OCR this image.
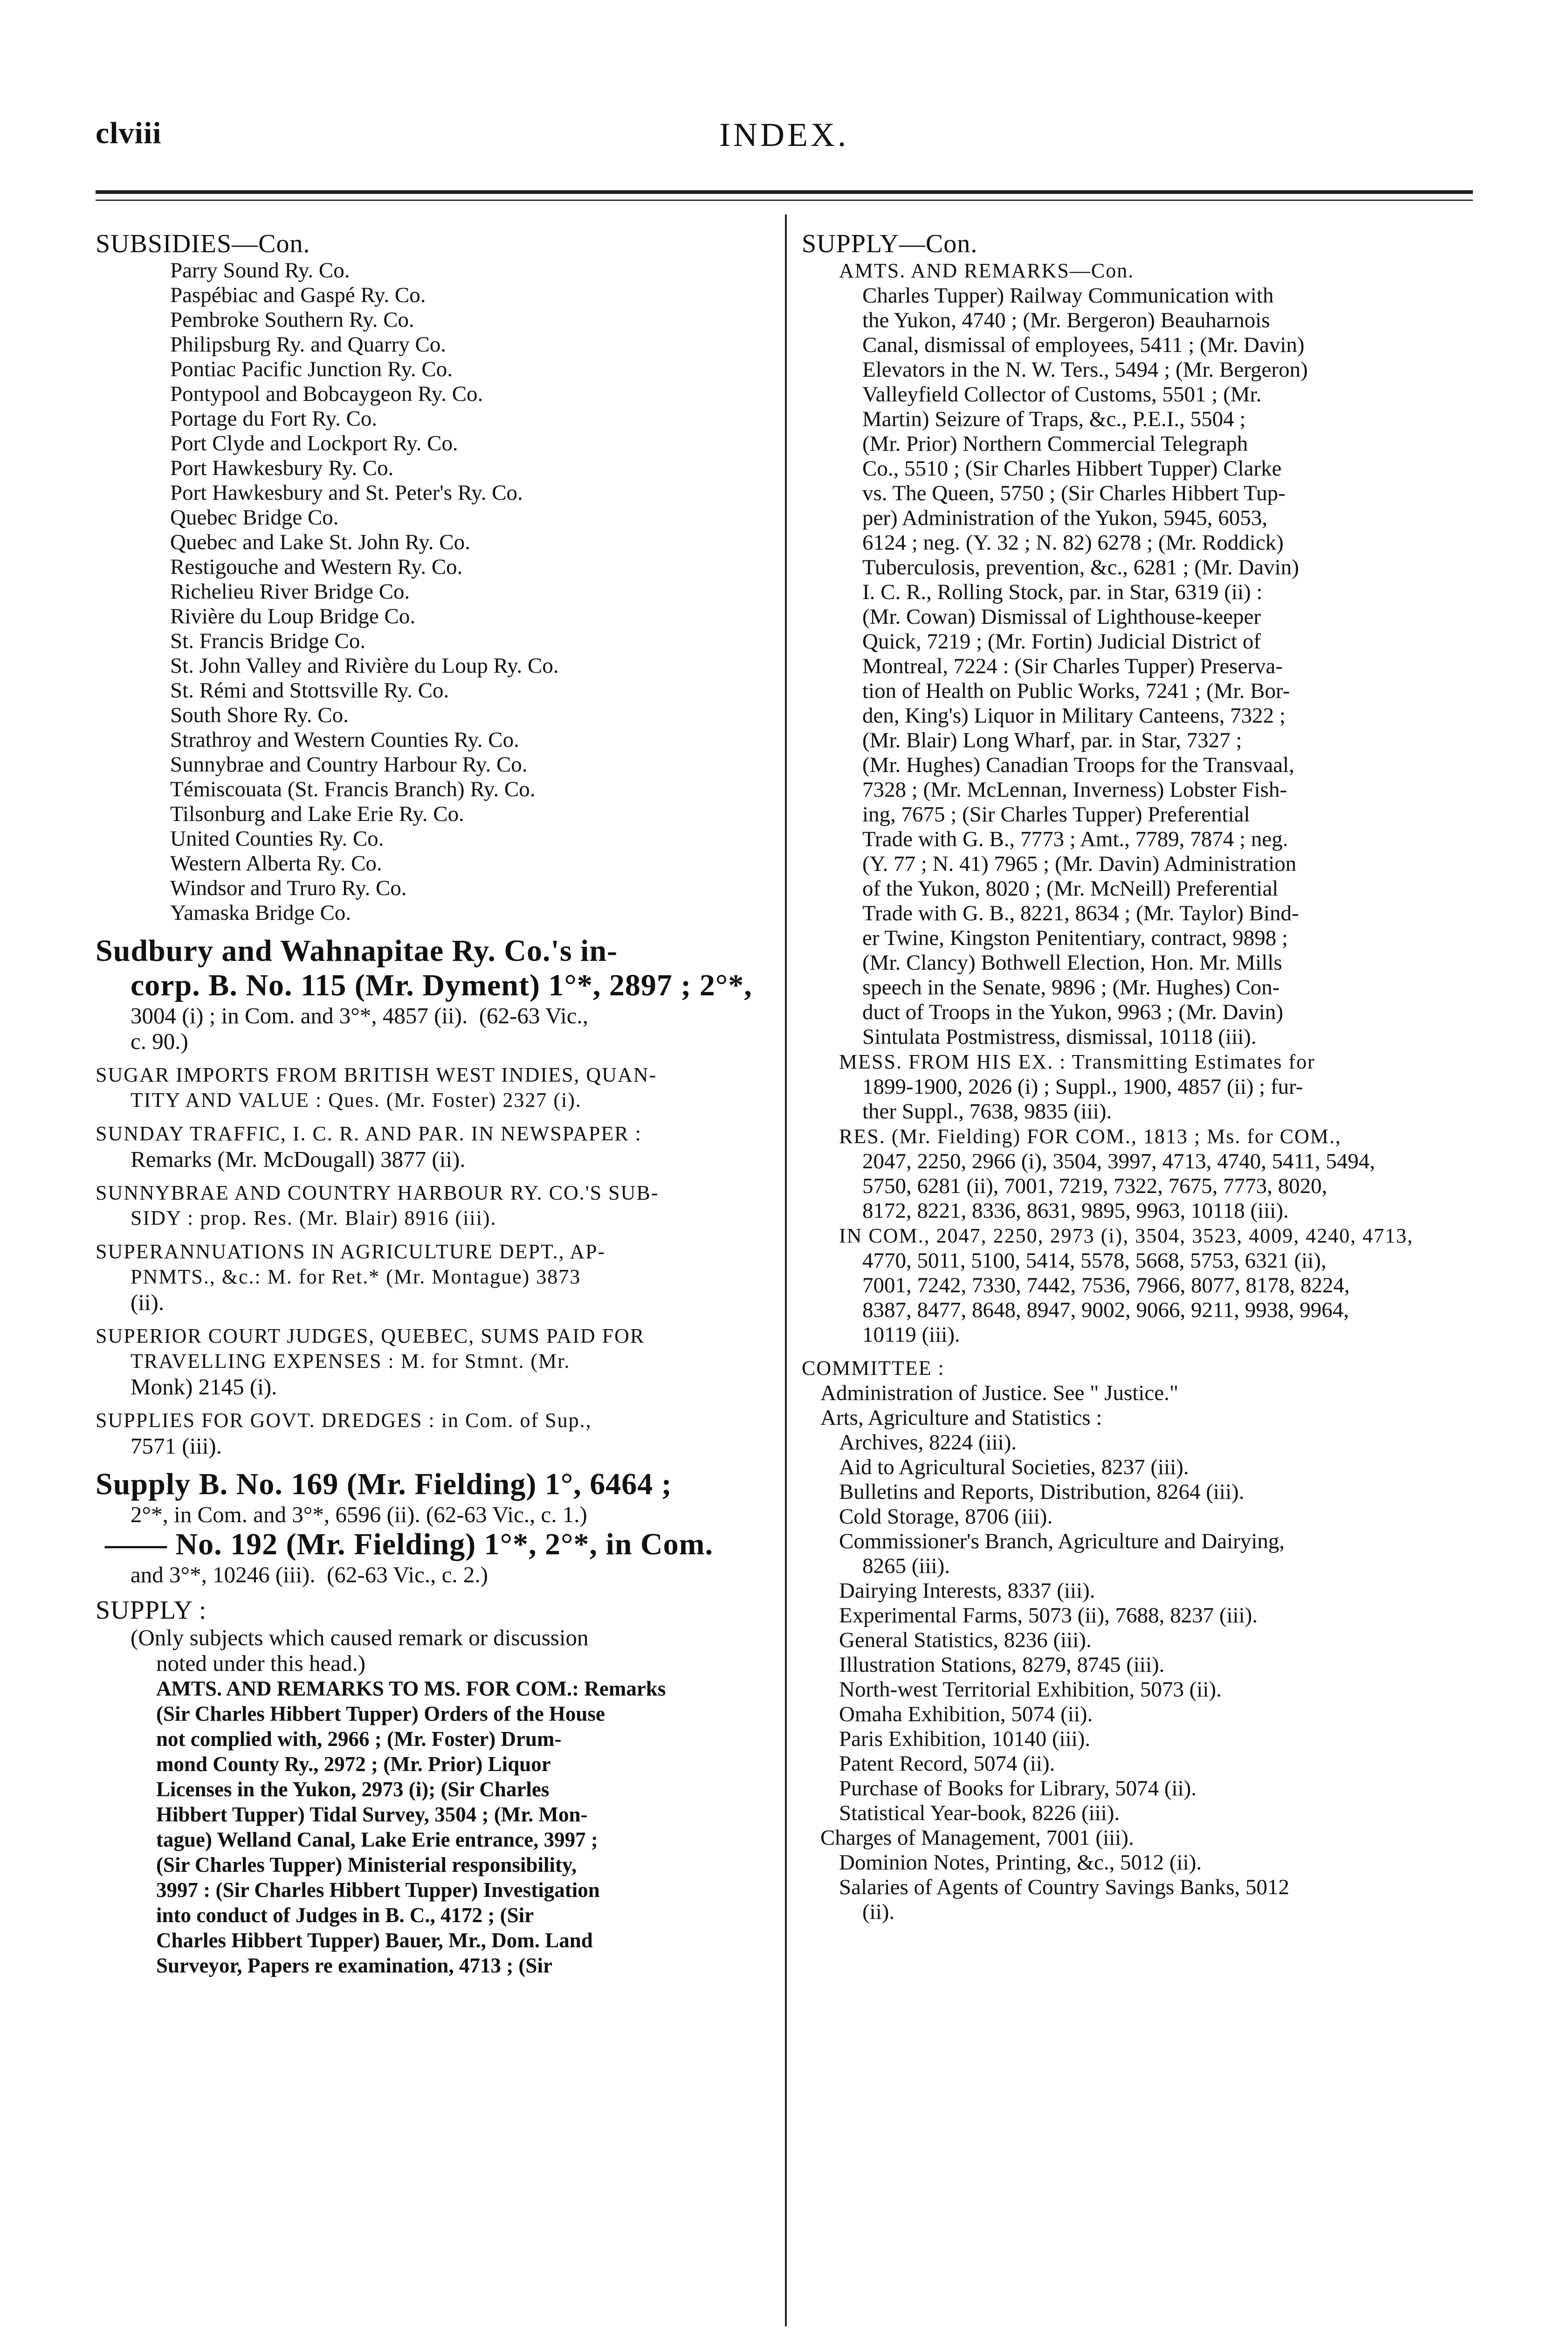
clviii	INDEX.
SUBSIDIES—Con.
Parry Sound Ry. Co.
Paspébiac and Gaspé Ry. Co.
Pembroke Southern Ry. Co.
Philipsburg Ry. and Quarry Co.
Pontiac Pacific Junction Ry. Co.
Pontypool and Bobcaygeon Ry. Co.
Portage du Fort Ry. Co.
Port Clyde and Lockport Ry. Co.
Port Hawkesbury Ry. Co.
Port Hawkesbury and St. Peter's Ry. Co.
Quebec Bridge Co.
Quebec and Lake St. John Ry. Co.
Restigouche and Western Ry. Co.
Richelieu River Bridge Co.
Rivière du Loup Bridge Co.
St. Francis Bridge Co.
St. John Valley and Rivière du Loup Ry. Co.
St. Rémi and Stottsville Ry. Co.
South Shore Ry. Co.
Strathroy and Western Counties Ry. Co.
Sunnybrae and Country Harbour Ry. Co.
Témiscouata (St. Francis Branch) Ry. Co.
Tilsonburg and Lake Erie Ry. Co.
United Counties Ry. Co.
Western Alberta Ry. Co.
Windsor and Truro Ry. Co.
Yamaska Bridge Co.
Sudbury and Wahnapitae Ry. Co.'s in-
corp. B. No. 115 (Mr. Dyment) 1°*, 2897 ; 2°*,
3004 (i) ; in Com. and 3°*, 4857 (ii).  (62-63 Vic.,
c. 90.)
SUGAR IMPORTS FROM BRITISH WEST INDIES, QUAN-
TITY AND VALUE : Ques. (Mr. Foster) 2327 (i).
SUNDAY TRAFFIC, I. C. R. AND PAR. IN NEWSPAPER :
Remarks (Mr. McDougall) 3877 (ii).
SUNNYBRAE AND COUNTRY HARBOUR RY. CO.'S SUB-
SIDY : prop. Res. (Mr. Blair) 8916 (iii).
SUPERANNUATIONS IN AGRICULTURE DEPT., AP-
PNMTS., &c.: M. for Ret.* (Mr. Montague) 3873
(ii).
SUPERIOR COURT JUDGES, QUEBEC, SUMS PAID FOR
TRAVELLING EXPENSES : M. for Stmnt. (Mr.
Monk) 2145 (i).
SUPPLIES FOR GOVT. DREDGES : in Com. of Sup.,
7571 (iii).
Supply B. No. 169 (Mr. Fielding) 1°, 6464 ;
2°*, in Com. and 3°*, 6596 (ii). (62-63 Vic., c. 1.)
—— No. 192 (Mr. Fielding) 1°*, 2°*, in Com.
and 3°*, 10246 (iii).  (62-63 Vic., c. 2.)
SUPPLY :
(Only subjects which caused remark or discussion
noted under this head.)
AMTS. AND REMARKS TO MS. FOR COM.: Remarks
(Sir Charles Hibbert Tupper) Orders of the House
not complied with, 2966 ; (Mr. Foster) Drum-
mond County Ry., 2972 ; (Mr. Prior) Liquor
Licenses in the Yukon, 2973 (i); (Sir Charles
Hibbert Tupper) Tidal Survey, 3504 ; (Mr. Mon-
tague) Welland Canal, Lake Erie entrance, 3997 ;
(Sir Charles Tupper) Ministerial responsibility,
3997 : (Sir Charles Hibbert Tupper) Investigation
into conduct of Judges in B. C., 4172 ; (Sir
Charles Hibbert Tupper) Bauer, Mr., Dom. Land
Surveyor, Papers re examination, 4713 ; (Sir
SUPPLY—Con.
AMTS. AND REMARKS—Con.
Charles Tupper) Railway Communication with
the Yukon, 4740 ; (Mr. Bergeron) Beauharnois
Canal, dismissal of employees, 5411 ; (Mr. Davin)
Elevators in the N. W. Ters., 5494 ; (Mr. Bergeron)
Valleyfield Collector of Customs, 5501 ; (Mr.
Martin) Seizure of Traps, &c., P.E.I., 5504 ;
(Mr. Prior) Northern Commercial Telegraph
Co., 5510 ; (Sir Charles Hibbert Tupper) Clarke
vs. The Queen, 5750 ; (Sir Charles Hibbert Tup-
per) Administration of the Yukon, 5945, 6053,
6124 ; neg. (Y. 32 ; N. 82) 6278 ; (Mr. Roddick)
Tuberculosis, prevention, &c., 6281 ; (Mr. Davin)
I. C. R., Rolling Stock, par. in Star, 6319 (ii) :
(Mr. Cowan) Dismissal of Lighthouse-keeper
Quick, 7219 ; (Mr. Fortin) Judicial District of
Montreal, 7224 : (Sir Charles Tupper) Preserva-
tion of Health on Public Works, 7241 ; (Mr. Bor-
den, King's) Liquor in Military Canteens, 7322 ;
(Mr. Blair) Long Wharf, par. in Star, 7327 ;
(Mr. Hughes) Canadian Troops for the Transvaal,
7328 ; (Mr. McLennan, Inverness) Lobster Fish-
ing, 7675 ; (Sir Charles Tupper) Preferential
Trade with G. B., 7773 ; Amt., 7789, 7874 ; neg.
(Y. 77 ; N. 41) 7965 ; (Mr. Davin) Administration
of the Yukon, 8020 ; (Mr. McNeill) Preferential
Trade with G. B., 8221, 8634 ; (Mr. Taylor) Bind-
er Twine, Kingston Penitentiary, contract, 9898 ;
(Mr. Clancy) Bothwell Election, Hon. Mr. Mills
speech in the Senate, 9896 ; (Mr. Hughes) Con-
duct of Troops in the Yukon, 9963 ; (Mr. Davin)
Sintulata Postmistress, dismissal, 10118 (iii).
MESS. FROM HIS EX. : Transmitting Estimates for
1899-1900, 2026 (i) ; Suppl., 1900, 4857 (ii) ; fur-
ther Suppl., 7638, 9835 (iii).
RES. (Mr. Fielding) FOR COM., 1813 ; Ms. for COM.,
2047, 2250, 2966 (i), 3504, 3997, 4713, 4740, 5411, 5494,
5750, 6281 (ii), 7001, 7219, 7322, 7675, 7773, 8020,
8172, 8221, 8336, 8631, 9895, 9963, 10118 (iii).
IN COM., 2047, 2250, 2973 (i), 3504, 3523, 4009, 4240, 4713,
4770, 5011, 5100, 5414, 5578, 5668, 5753, 6321 (ii),
7001, 7242, 7330, 7442, 7536, 7966, 8077, 8178, 8224,
8387, 8477, 8648, 8947, 9002, 9066, 9211, 9938, 9964,
10119 (iii).
COMMITTEE :
Administration of Justice. See " Justice."
Arts, Agriculture and Statistics :
Archives, 8224 (iii).
Aid to Agricultural Societies, 8237 (iii).
Bulletins and Reports, Distribution, 8264 (iii).
Cold Storage, 8706 (iii).
Commissioner's Branch, Agriculture and Dairying,
8265 (iii).
Dairying Interests, 8337 (iii).
Experimental Farms, 5073 (ii), 7688, 8237 (iii).
General Statistics, 8236 (iii).
Illustration Stations, 8279, 8745 (iii).
North-west Territorial Exhibition, 5073 (ii).
Omaha Exhibition, 5074 (ii).
Paris Exhibition, 10140 (iii).
Patent Record, 5074 (ii).
Purchase of Books for Library, 5074 (ii).
Statistical Year-book, 8226 (iii).
Charges of Management, 7001 (iii).
Dominion Notes, Printing, &c., 5012 (ii).
Salaries of Agents of Country Savings Banks, 5012
(ii).
